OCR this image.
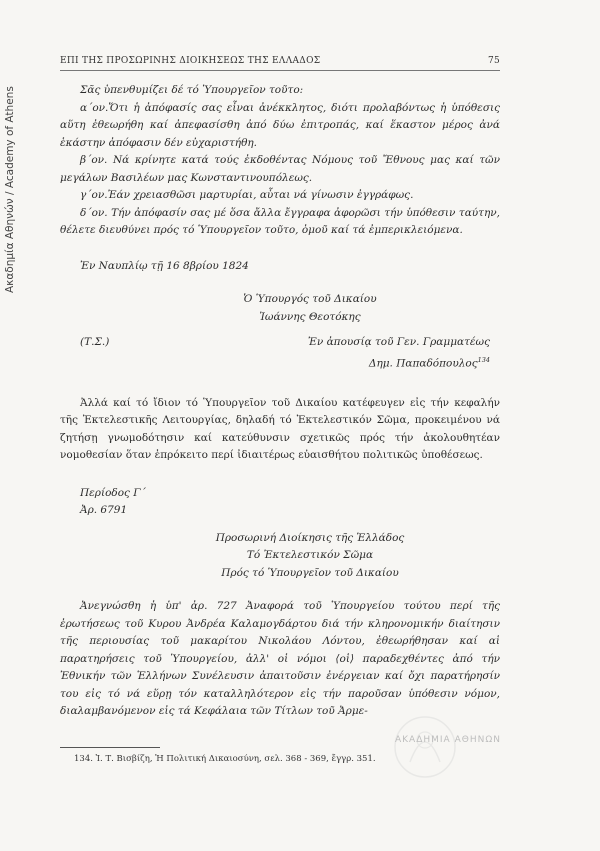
Ακαδημία Αθηνών / Academy of Athens
ΕΠΙ ΤΗΣ ΠΡΟΣΩΡΙΝΗΣ ΔΙΟΙΚΗΣΕΩΣ ΤΗΣ ΕΛΛΑΔΟΣ	75

Σᾶς ὑπενθυμίζει δέ τό Ὑπουργεῖον τοῦτο:

α΄ον.Ὅτι ἡ ἀπόφασίς σας εἶναι ἀνέκκλητος, διότι προλαβόντως ἡ ὑπόθεσις αὕτη ἐθεωρήθη καί ἀπεφασίσθη ἀπό δύω ἐπιτροπάς, καί ἕκαστον μέρος ἀνά ἑκάστην ἀπόφασιν δέν εὐχαριστήθη.

β΄ον. Νά κρίνητε κατά τούς ἐκδοθέντας Νόμους τοῦ Ἔθνους μας καί τῶν μεγάλων Βασιλέων μας Κωνσταντινουπόλεως.

γ΄ον.Ἐάν χρειασθῶσι μαρτυρίαι, αὗται νά γίνωσιν ἐγγράφως.

δ΄ον. Τήν ἀπόφασίν σας μέ ὅσα ἄλλα ἔγγραφα ἀφορῶσι τήν ὑπόθεσιν ταύτην, θέλετε διευθύνει πρός τό Ὑπουργεῖον τοῦτο, ὁμοῦ καί τά ἐμπερικλειόμενα.

Ἐν Ναυπλίῳ τῇ 16 8βρίου 1824

Ὁ Ὑπουργός τοῦ Δικαίου

Ἰωάννης Θεοτόκης

(Τ.Σ.)	Ἐν ἀπουσίᾳ τοῦ Γεν. Γραμματέως

Δημ. Παπαδόπουλος$^{134}$

Ἀλλά καί τό ἴδιον τό Ὑπουργεῖον τοῦ Δικαίου κατέφευγεν εἰς τήν κεφαλήν τῆς Ἐκτελεστικῆς Λειτουργίας, δηλαδή τό Ἐκτελεστικόν Σῶμα, προκειμένου νά ζητήσῃ γνωμοδότησιν καί κατεύθυνσιν σχετικῶς πρός τήν ἀκολουθητέαν νομοθεσίαν ὅταν ἐπρόκειτο περί ἰδιαιτέρως εὐαισθήτου πολιτικῶς ὑποθέσεως.

Περίοδος Γ΄

Ἀρ. 6791

Προσωρινή Διοίκησις τῆς Ἑλλάδος

Τό Ἐκτελεστικόν Σῶμα

Πρός τό Ὑπουργεῖον τοῦ Δικαίου

Ἀνεγνώσθη ἡ ὑπ' ἀρ. 727 Ἀναφορά τοῦ Ὑπουργείου τούτου περί τῆς ἐρωτήσεως τοῦ Κυρου Ἀνδρέα Καλαμογδάρτου διά τήν κληρονομικήν διαίτησιν τῆς περιουσίας τοῦ μακαρίτου Νικολάου Λόντου, ἐθεωρήθησαν καί αἱ παρατηρήσεις τοῦ Ὑπουργείου, ἀλλ' οἱ νόμοι ⟨οἱ⟩ παραδεχθέντες ἀπό τήν Ἐθνικήν τῶν Ἑλλήνων Συνέλευσιν ἀπαιτοῦσιν ἐνέργειαν καί ὄχι παρατήρησίν του εἰς τό νά εὕρῃ τόν καταλληλότερον εἰς τήν παροῦσαν ὑπόθεσιν νόμον, διαλαμβανόμενον εἰς τά Κεφάλαια τῶν Τίτλων τοῦ Ἀρμε-

134. Ἰ. Τ. Βισβίζη, Ἡ Πολιτική Δικαιοσύνη, σελ. 368 - 369, ἔγγρ. 351.
ΑΚΑΔΗΜΙΑ ΑΘΗΝΩΝ
